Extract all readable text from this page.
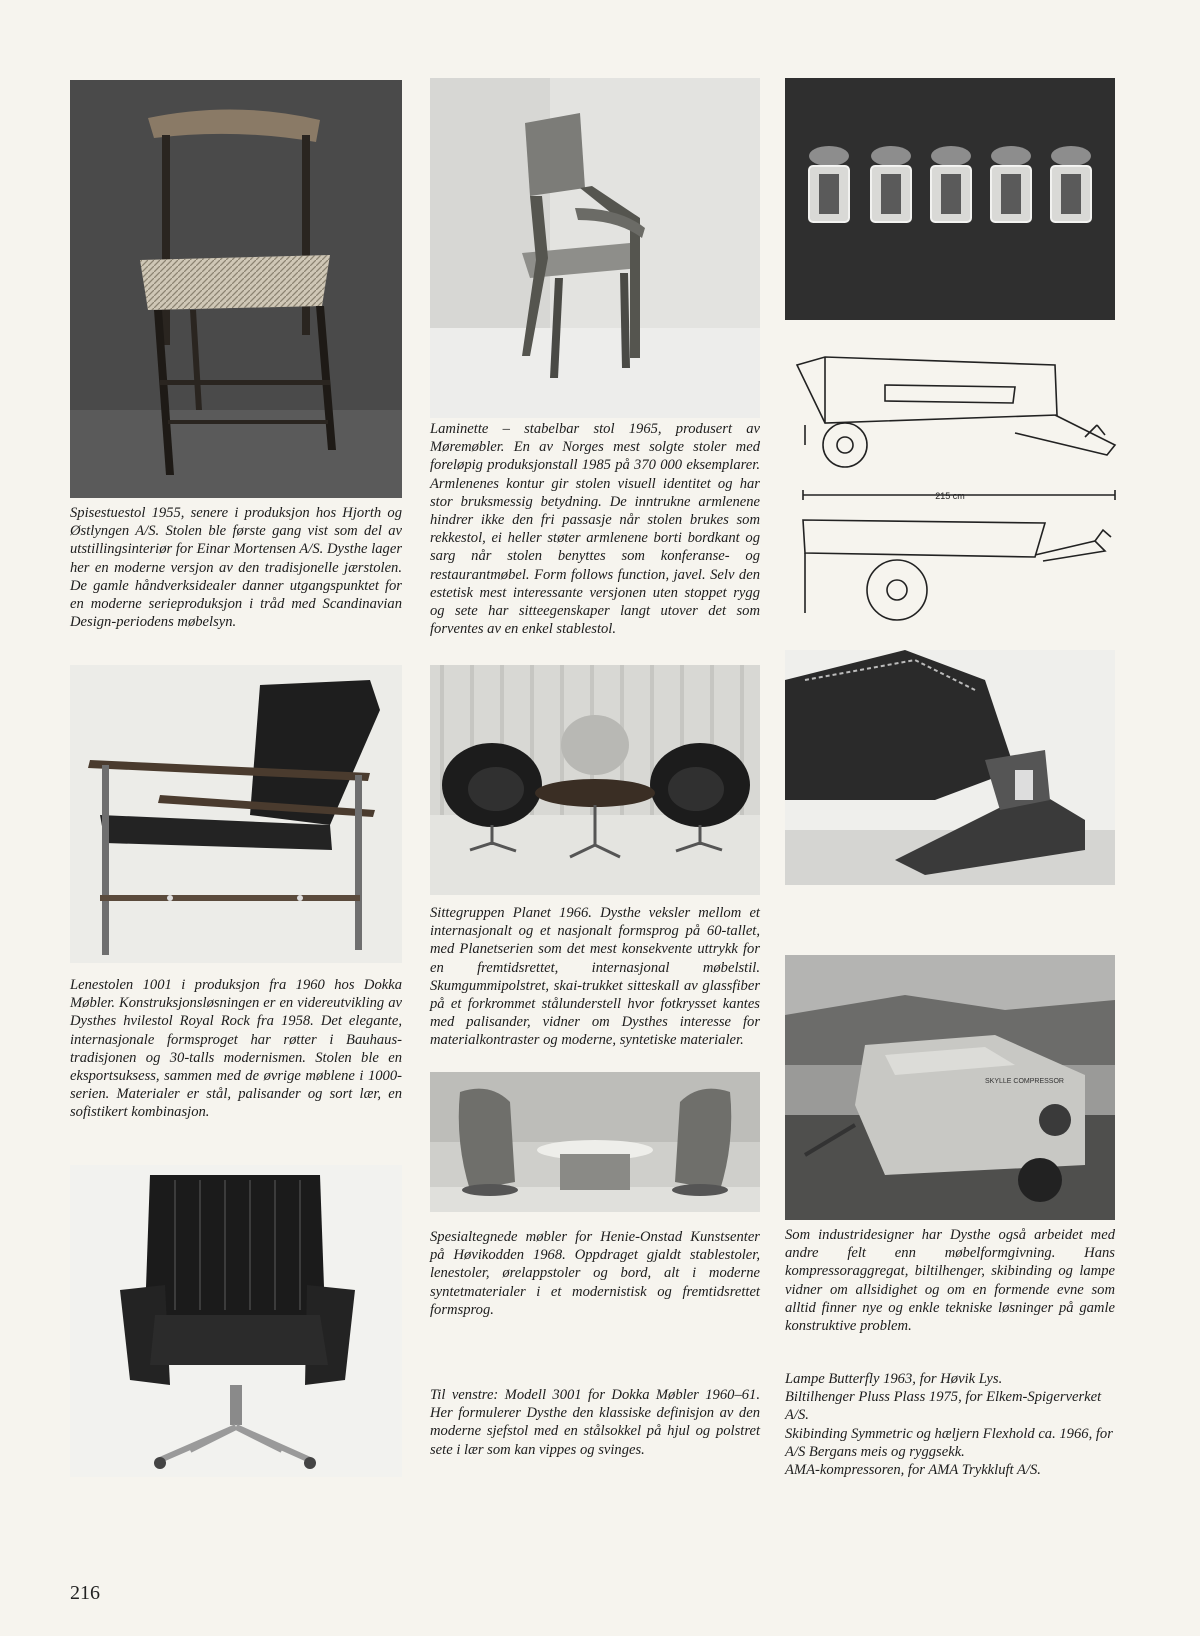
215 cm
SKYLLE COMPRESSOR

Spisestuestol 1955, senere i produksjon hos Hjorth og Østlyngen A/S. Stolen ble første gang vist som del av utstillingsinteriør for Einar Mortensen A/S. Dysthe lager her en moderne versjon av den tradisjonelle jærstolen. De gamle håndverksidealer danner utgangspunktet for en moderne serieproduksjon i tråd med Scandinavian Design-periodens møbelsyn.

Laminette – stabelbar stol 1965, produsert av Møremøbler. En av Norges mest solgte stoler med foreløpig produksjonstall 1985 på 370 000 eksemplarer. Armlenenes kontur gir stolen visuell identitet og har stor bruksmessig betydning. De inntrukne armlenene hindrer ikke den fri passasje når stolen brukes som rekkestol, ei heller støter armlenene borti bordkant og sarg når stolen benyttes som konferanse- og restaurantmøbel. Form follows function, javel. Selv den estetisk mest interessante versjonen uten stoppet rygg og sete har sitteegenskaper langt utover det som forventes av en enkel stablestol.

Lenestolen 1001 i produksjon fra 1960 hos Dokka Møbler. Konstruksjonsløsningen er en videreutvikling av Dysthes hvilestol Royal Rock fra 1958. Det elegante, internasjonale formsproget har røtter i Bauhaus-tradisjonen og 30-talls modernismen. Stolen ble en eksportsuksess, sammen med de øvrige møblene i 1000-serien. Materialer er stål, palisander og sort lær, en sofistikert kombinasjon.

Sittegruppen Planet 1966. Dysthe veksler mellom et internasjonalt og et nasjonalt formsprog på 60-tallet, med Planetserien som det mest konsekvente uttrykk for en fremtidsrettet, internasjonal møbelstil. Skumgummipolstret, skai-trukket sitteskall av glassfiber på et forkrommet stålunderstell hvor fotkrysset kantes med palisander, vidner om Dysthes interesse for materialkontraster og moderne, syntetiske materialer.

Spesialtegnede møbler for Henie-Onstad Kunstsenter på Høvikodden 1968. Oppdraget gjaldt stablestoler, lenestoler, ørelappstoler og bord, alt i moderne syntetmaterialer i et modernistisk og fremtidsrettet formsprog.

Som industridesigner har Dysthe også arbeidet med andre felt enn møbelformgivning. Hans kompressoraggregat, biltilhenger, skibinding og lampe vidner om allsidighet og om en formende evne som alltid finner nye og enkle tekniske løsninger på gamle konstruktive problem.

Til venstre: Modell 3001 for Dokka Møbler 1960–61. Her formulerer Dysthe den klassiske definisjon av den moderne sjefstol med en stålsokkel på hjul og polstret sete i lær som kan vippes og svinges.

Lampe Butterfly 1963, for Høvik Lys.
Biltilhenger Pluss Plass 1975, for Elkem-Spigerverket A/S.
Skibinding Symmetric og hæljern Flexhold ca. 1966, for A/S Bergans meis og ryggsekk.
AMA-kompressoren, for AMA Trykkluft A/S.
216
